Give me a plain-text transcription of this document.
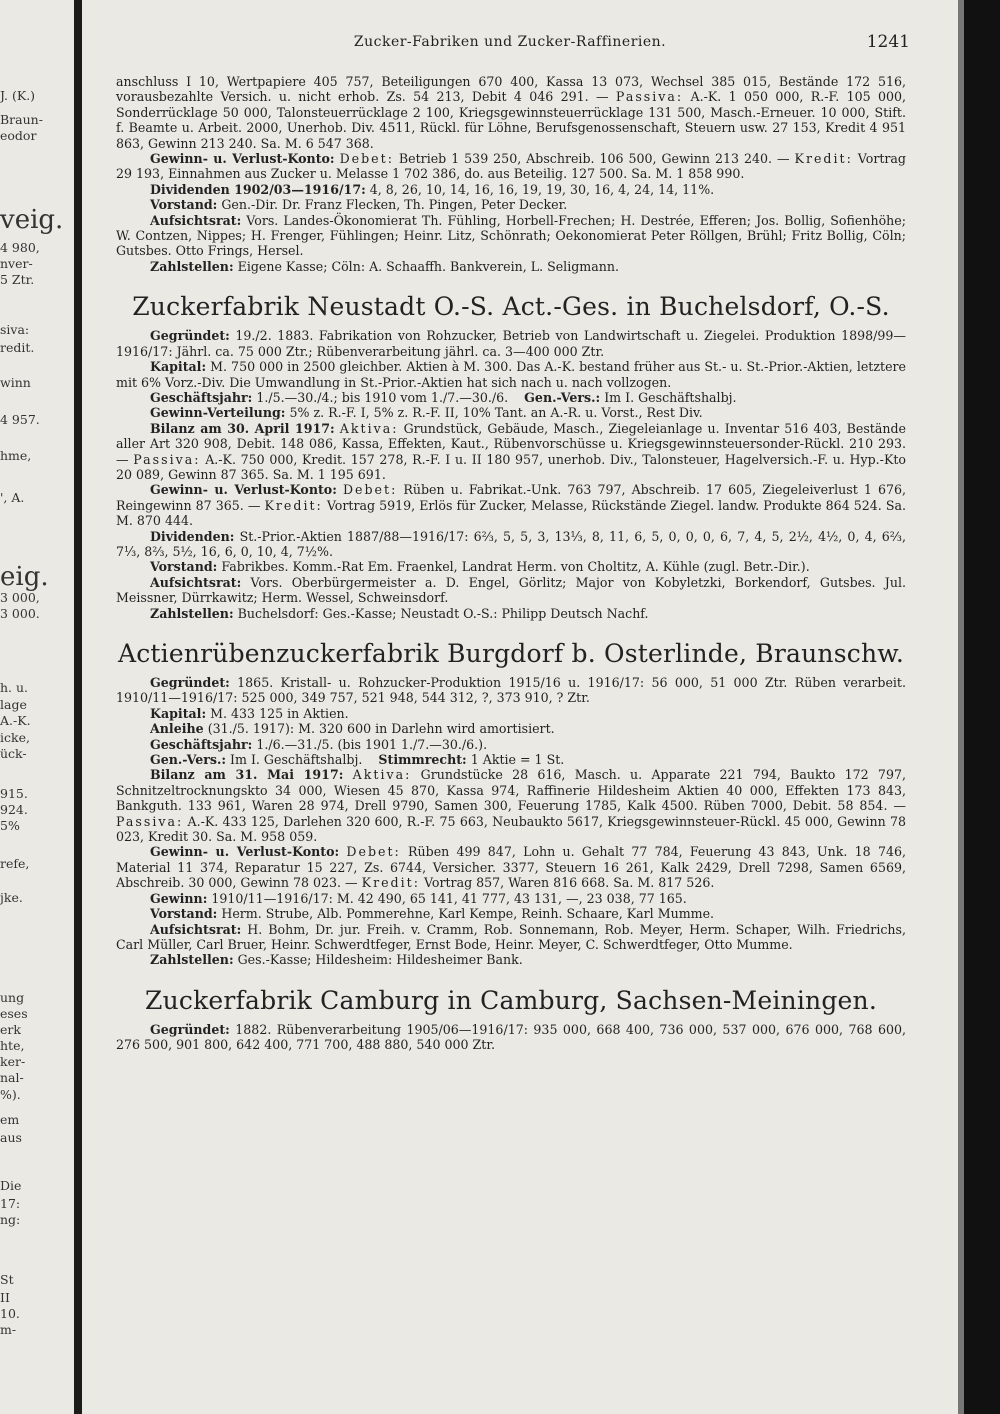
J. (K.)
Braun-
eodor
veig.
4 980,
nver-
5 Ztr.
siva:
redit.
winn
4 957.
hme,
', A.
eig.
3 000,
3 000.
h. u.
lage
A.-K.
icke,
ück-
915.
924.
5%
refe,
jke.
ung
eses
erk
hte,
ker-
nal-
%).
em
aus
Die
17:
ng:
St
II
10.
m-
Zucker-Fabriken und Zucker-Raffinerien.	1241

anschluss I 10, Wertpapiere 405 757, Beteiligungen 670 400, Kassa 13 073, Wechsel 385 015, Bestände 172 516, vorausbezahlte Versich. u. nicht erhob. Zs. 54 213, Debit 4 046 291. — Passiva: A.-K. 1 050 000, R.-F. 105 000, Sonderrücklage 50 000, Talonsteuerrücklage 2 100, Kriegsgewinnsteuerrücklage 131 500, Masch.-Erneuer. 10 000, Stift. f. Beamte u. Arbeit. 2000, Unerhob. Div. 4511, Rückl. für Löhne, Berufsgenossenschaft, Steuern usw. 27 153, Kredit 4 951 863, Gewinn 213 240. Sa. M. 6 547 368.

Gewinn- u. Verlust-Konto: Debet: Betrieb 1 539 250, Abschreib. 106 500, Gewinn 213 240. — Kredit: Vortrag 29 193, Einnahmen aus Zucker u. Melasse 1 702 386, do. aus Beteilig. 127 500. Sa. M. 1 858 990.

Dividenden 1902/03—1916/17: 4, 8, 26, 10, 14, 16, 16, 19, 19, 30, 16, 4, 24, 14, 11%.

Vorstand: Gen.-Dir. Dr. Franz Flecken, Th. Pingen, Peter Decker.

Aufsichtsrat: Vors. Landes-Ökonomierat Th. Fühling, Horbell-Frechen; H. Destrée, Efferen; Jos. Bollig, Sofienhöhe; W. Contzen, Nippes; H. Frenger, Fühlingen; Heinr. Litz, Schönrath; Oekonomierat Peter Röllgen, Brühl; Fritz Bollig, Cöln; Gutsbes. Otto Frings, Hersel.

Zahlstellen: Eigene Kasse; Cöln: A. Schaaffh. Bankverein, L. Seligmann.

Zuckerfabrik Neustadt O.-S. Act.-Ges. in Buchelsdorf, O.-S.

Gegründet: 19./2. 1883. Fabrikation von Rohzucker, Betrieb von Landwirtschaft u. Ziegelei. Produktion 1898/99—1916/17: Jährl. ca. 75 000 Ztr.; Rübenverarbeitung jährl. ca. 3—400 000 Ztr.

Kapital: M. 750 000 in 2500 gleichber. Aktien à M. 300. Das A.-K. bestand früher aus St.- u. St.-Prior.-Aktien, letztere mit 6% Vorz.-Div. Die Umwandlung in St.-Prior.-Aktien hat sich nach u. nach vollzogen.

Geschäftsjahr: 1./5.—30./4.; bis 1910 vom 1./7.—30./6. Gen.-Vers.: Im I. Geschäftshalbj.

Gewinn-Verteilung: 5% z. R.-F. I, 5% z. R.-F. II, 10% Tant. an A.-R. u. Vorst., Rest Div.

Bilanz am 30. April 1917: Aktiva: Grundstück, Gebäude, Masch., Ziegeleianlage u. Inventar 516 403, Bestände aller Art 320 908, Debit. 148 086, Kassa, Effekten, Kaut., Rübenvorschüsse u. Kriegsgewinnsteuersonder-Rückl. 210 293. — Passiva: A.-K. 750 000, Kredit. 157 278, R.-F. I u. II 180 957, unerhob. Div., Talonsteuer, Hagelversich.-F. u. Hyp.-Kto 20 089, Gewinn 87 365. Sa. M. 1 195 691.

Gewinn- u. Verlust-Konto: Debet: Rüben u. Fabrikat.-Unk. 763 797, Abschreib. 17 605, Ziegeleiverlust 1 676, Reingewinn 87 365. — Kredit: Vortrag 5919, Erlös für Zucker, Melasse, Rückstände Ziegel. landw. Produkte 864 524. Sa. M. 870 444.

Dividenden: St.-Prior.-Aktien 1887/88—1916/17: 6⅔, 5, 5, 3, 13⅓, 8, 11, 6, 5, 0, 0, 0, 6, 7, 4, 5, 2½, 4½, 0, 4, 6⅔, 7⅓, 8⅔, 5½, 16, 6, 0, 10, 4, 7½%.

Vorstand: Fabrikbes. Komm.-Rat Em. Fraenkel, Landrat Herm. von Choltitz, A. Kühle (zugl. Betr.-Dir.).

Aufsichtsrat: Vors. Oberbürgermeister a. D. Engel, Görlitz; Major von Kobyletzki, Borkendorf, Gutsbes. Jul. Meissner, Dürrkawitz; Herm. Wessel, Schweinsdorf.

Zahlstellen: Buchelsdorf: Ges.-Kasse; Neustadt O.-S.: Philipp Deutsch Nachf.

Actienrübenzuckerfabrik Burgdorf b. Osterlinde, Braunschw.

Gegründet: 1865. Kristall- u. Rohzucker-Produktion 1915/16 u. 1916/17: 56 000, 51 000 Ztr. Rüben verarbeit. 1910/11—1916/17: 525 000, 349 757, 521 948, 544 312, ?, 373 910, ? Ztr.

Kapital: M. 433 125 in Aktien.

Anleihe (31./5. 1917): M. 320 600 in Darlehn wird amortisiert.

Geschäftsjahr: 1./6.—31./5. (bis 1901 1./7.—30./6.).

Gen.-Vers.: Im I. Geschäftshalbj. Stimmrecht: 1 Aktie = 1 St.

Bilanz am 31. Mai 1917: Aktiva: Grundstücke 28 616, Masch. u. Apparate 221 794, Baukto 172 797, Schnitzeltrocknungskto 34 000, Wiesen 45 870, Kassa 974, Raffinerie Hildesheim Aktien 40 000, Effekten 173 843, Bankguth. 133 961, Waren 28 974, Drell 9790, Samen 300, Feuerung 1785, Kalk 4500. Rüben 7000, Debit. 58 854. — Passiva: A.-K. 433 125, Darlehen 320 600, R.-F. 75 663, Neubaukto 5617, Kriegsgewinnsteuer-Rückl. 45 000, Gewinn 78 023, Kredit 30. Sa. M. 958 059.

Gewinn- u. Verlust-Konto: Debet: Rüben 499 847, Lohn u. Gehalt 77 784, Feuerung 43 843, Unk. 18 746, Material 11 374, Reparatur 15 227, Zs. 6744, Versicher. 3377, Steuern 16 261, Kalk 2429, Drell 7298, Samen 6569, Abschreib. 30 000, Gewinn 78 023. — Kredit: Vortrag 857, Waren 816 668. Sa. M. 817 526.

Gewinn: 1910/11—1916/17: M. 42 490, 65 141, 41 777, 43 131, —, 23 038, 77 165.

Vorstand: Herm. Strube, Alb. Pommerehne, Karl Kempe, Reinh. Schaare, Karl Mumme.

Aufsichtsrat: H. Bohm, Dr. jur. Freih. v. Cramm, Rob. Sonnemann, Rob. Meyer, Herm. Schaper, Wilh. Friedrichs, Carl Müller, Carl Bruer, Heinr. Schwerdtfeger, Ernst Bode, Heinr. Meyer, C. Schwerdtfeger, Otto Mumme.

Zahlstellen: Ges.-Kasse; Hildesheim: Hildesheimer Bank.

Zuckerfabrik Camburg in Camburg, Sachsen-Meiningen.

Gegründet: 1882. Rübenverarbeitung 1905/06—1916/17: 935 000, 668 400, 736 000, 537 000, 676 000, 768 600, 276 500, 901 800, 642 400, 771 700, 488 880, 540 000 Ztr.
